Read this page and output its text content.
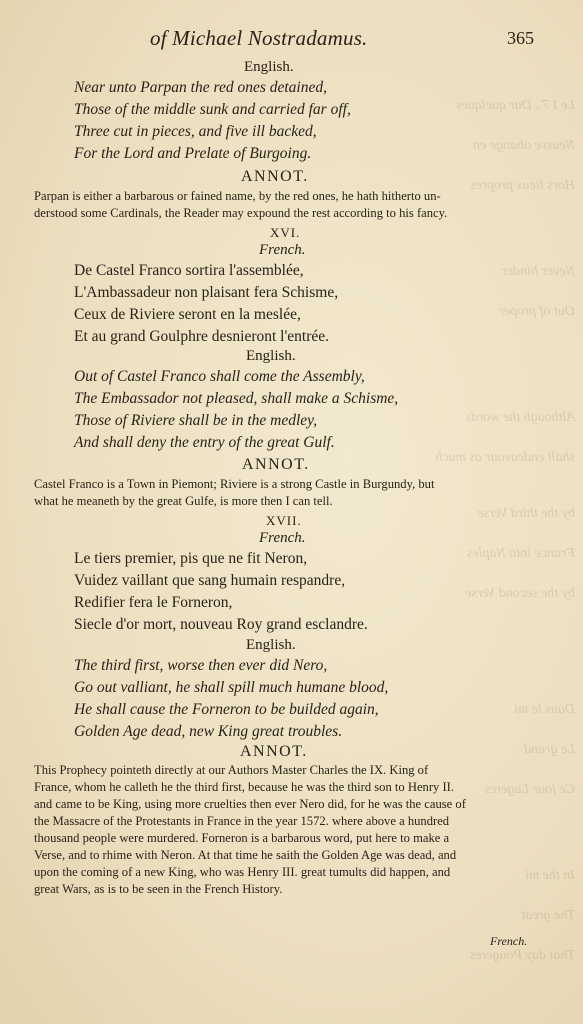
Le I 7 . Dur quelques
Neusve obange en
Hors lieux propres
Never hinder
Out of proper
Although the words
shall endeavour as much
by the third Verse
France into Naples
by the second Verse
Dans le mi
Le grand
Ce jour Lugeres
In the mi
The great
That day Pougeres
of Michael Nostradamus.	365
English.
Near unto Parpan the red ones detained,
Those of the middle sunk and carried far off,
Three cut in pieces, and five ill backed,
For the Lord and Prelate of Burgoing.
ANNOT.
Parpan is either a barbarous or fained name, by the red ones, he hath hitherto un-
derstood some Cardinals, the Reader may expound the rest according to his fancy.
XVI.
French.
De Castel Franco sortira l'assemblée,
L'Ambassadeur non plaisant fera Schisme,
Ceux de Riviere seront en la meslée,
Et au grand Goulphre desnieront l'entrée.
English.
Out of Castel Franco shall come the Assembly,
The Embassador not pleased, shall make a Schisme,
Those of Riviere shall be in the medley,
And shall deny the entry of the great Gulf.
ANNOT.
Castel Franco is a Town in Piemont; Riviere is a strong Castle in Burgundy, but
what he meaneth by the great Gulfe, is more then I can tell.
XVII.
French.
Le tiers premier, pis que ne fit Neron,
Vuidez vaillant que sang humain respandre,
Redifier fera le Forneron,
Siecle d'or mort, nouveau Roy grand esclandre.
English.
The third first, worse then ever did Nero,
Go out valliant, he shall spill much humane blood,
He shall cause the Forneron to be builded again,
Golden Age dead, new King great troubles.
ANNOT.
This Prophecy pointeth directly at our Authors Master Charles the IX. King of
France, whom he calleth he the third first, because he was the third son to Henry II.
and came to be King, using more cruelties then ever Nero did, for he was the cause of
the Massacre of the Protestants in France in the year 1572. where above a hundred
thousand people were murdered. Forneron is a barbarous word, put here to make a
Verse, and to rhime with Neron. At that time he saith the Golden Age was dead, and
upon the coming of a new King, who was Henry III. great tumults did happen, and
great Wars, as is to be seen in the French History.
French.
